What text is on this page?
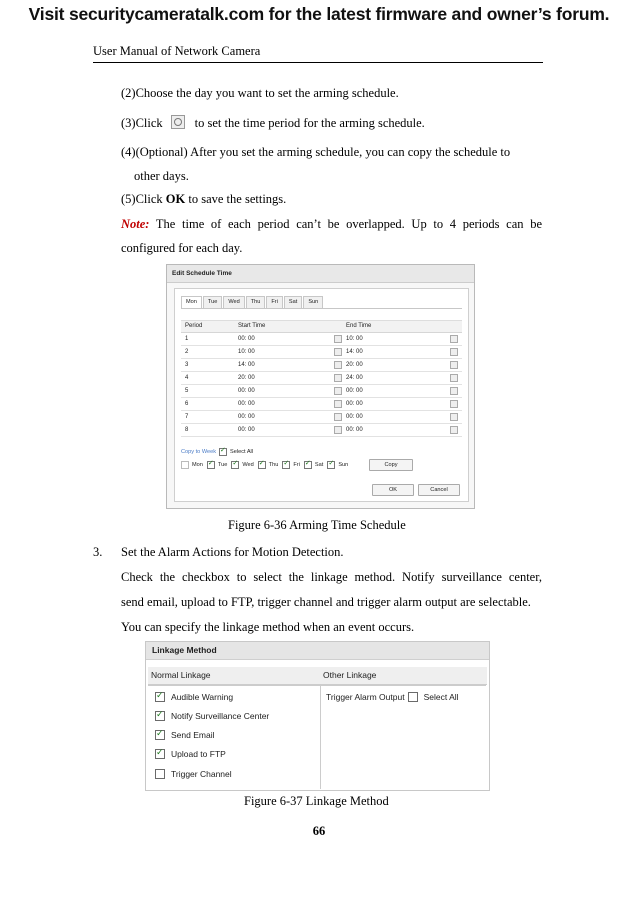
Visit securitycameratalk.com for the latest firmware and owner’s forum.
User Manual of Network Camera
(2)Choose the day you want to set the arming schedule.
(3)Click	to set the time period for the arming schedule.
(4)(Optional) After you set the arming schedule, you can copy the schedule to
other days.
(5)Click OK to save the settings.
Note: The time of each period can’t be overlapped. Up to 4 periods can be
configured for each day.
Edit Schedule Time
Mon	Tue	Wed	Thu	Fri	Sat	Sun
Period	Start Time	End Time
1	00: 00	10: 00
2	10: 00	14: 00
3	14: 00	20: 00
4	20: 00	24: 00
5	00: 00	00: 00
6	00: 00	00: 00
7	00: 00	00: 00
8	00: 00	00: 00
Copy to Week ✓	Select All
Mon ✓	Tue ✓	Wed ✓	Thu ✓	Fri ✓	Sat ✓	Sun	Copy
OK	Cancel
Figure 6-36 Arming Time Schedule
3. Set the Alarm Actions for Motion Detection.
Check the checkbox to select the linkage method. Notify surveillance center,
send email, upload to FTP, trigger channel and trigger alarm output are selectable.
You can specify the linkage method when an event occurs.
Linkage Method
Normal Linkage	Other Linkage
✓
Audible Warning
✓
Notify Surveillance Center
✓
Send Email
✓
Upload to FTP
Trigger Channel
Trigger Alarm Output Select All
Figure 6-37 Linkage Method
66
